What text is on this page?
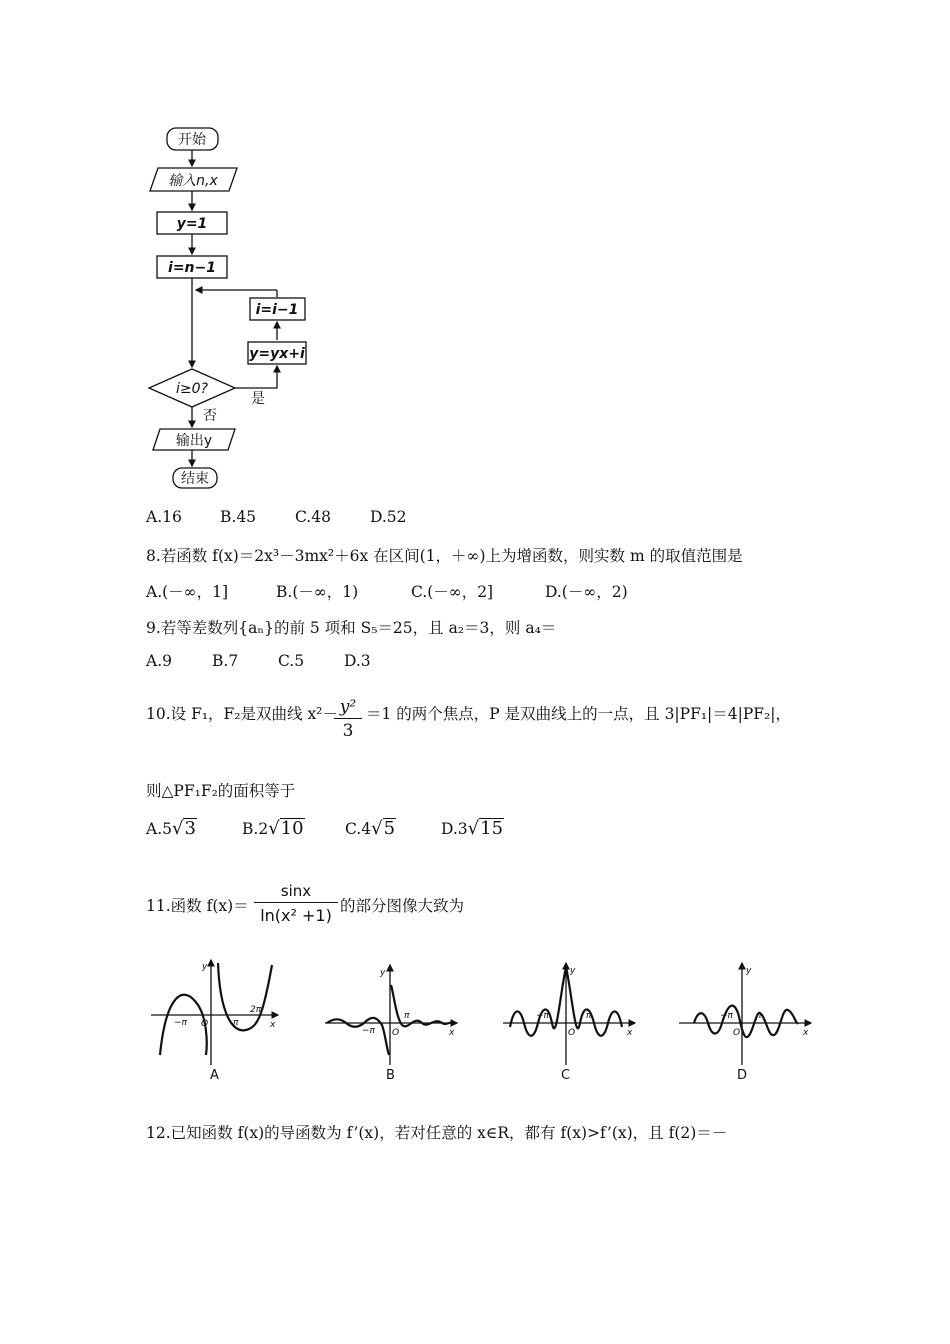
开始
输入n,x
y=1
i=n−1
i=i−1
y=yx+i
i≥0?
是
否
输出y
结束
A.16 B.45	C.48	D.52
8.若函数 f(x)＝2x³－3mx²＋6x 在区间(1，＋∞)上为增函数，则实数 m 的取值范围是
A.(－∞，1]	B.(－∞，1)	C.(－∞，2]	D.(－∞，2)
9.若等差数列{aₙ}的前 5 项和 S₅＝25，且 a₂＝3，则 a₄＝
A.9	B.7	C.5	D.3
10.设 F₁，F₂是双曲线 x²－ y²
3
＝1 的两个焦点，P 是双曲线上的一点，且 3|PF₁|＝4|PF₂|，
则△PF₁F₂的面积等于
A.5 √ 3	B.2 √ 10	C.4 √ 5	D.3 √ 15
11.函数 f(x)＝
sinx
ln(x² +1) 的部分图像大致为
y
x
−π O	π
2π
A
y
x
−π O
π
B
y
x
−π
O
π
C
y
x
−π
O
π
D
12.已知函数 f(x)的导函数为 f’(x)，若对任意的 x∈R，都有 f(x)>f’(x)，且 f(2)＝－
